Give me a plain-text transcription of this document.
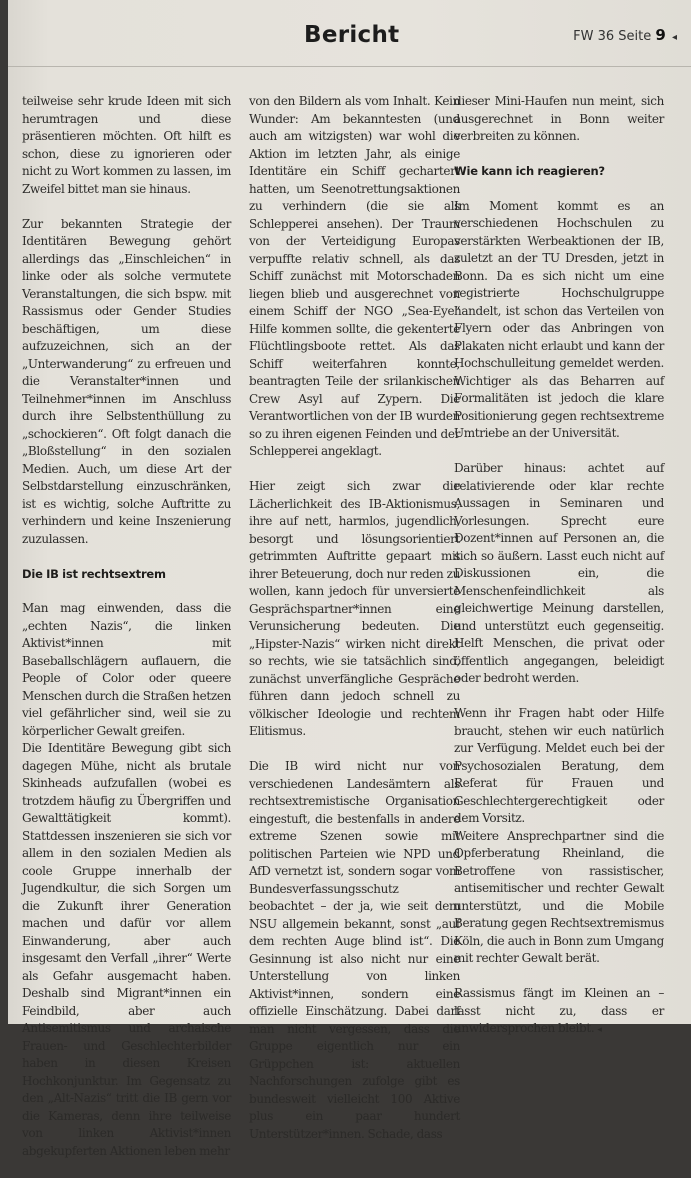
Bericht	FW 36 Seite 9 ◂

teilweise sehr krude Ideen mit sich herumtragen und diese präsentieren möchten. Oft hilft es schon, diese zu ignorieren oder nicht zu Wort kommen zu lassen, im Zweifel bittet man sie hinaus.

Zur bekannten Strategie der Identitären Bewegung gehört allerdings das „Einschleichen“ in linke oder als solche vermutete Veranstaltungen, die sich bspw. mit Rassismus oder Gender Studies beschäftigen, um diese aufzuzeichnen, sich an der „Unterwanderung“ zu erfreuen und die Veranstalter*innen und Teilnehmer*innen im Anschluss durch ihre Selbstenthüllung zu „schockieren“. Oft folgt danach die „Bloßstellung“ in den sozialen Medien. Auch, um diese Art der Selbstdarstellung einzuschränken, ist es wichtig, solche Auftritte zu verhindern und keine Inszenierung zuzulassen.

Die IB ist rechtsextrem

Man mag einwenden, dass die „echten Nazis“, die linken Aktivist*innen mit Baseballschlägern auflauern, die People of Color oder queere Menschen durch die Straßen hetzen viel gefährlicher sind, weil sie zu körperlicher Gewalt greifen.

Die Identitäre Bewegung gibt sich dagegen Mühe, nicht als brutale Skinheads aufzufallen (wobei es trotzdem häufig zu Übergriffen und Gewalttätigkeit kommt). Stattdessen inszenieren sie sich vor allem in den sozialen Medien als coole Gruppe innerhalb der Jugendkultur, die sich Sorgen um die Zukunft ihrer Generation machen und dafür vor allem Einwanderung, aber auch insgesamt den Verfall „ihrer“ Werte als Gefahr ausgemacht haben. Deshalb sind Migrant*innen ein Feindbild, aber auch Antisemitismus und archaische Frauen- und Geschlechterbilder haben in diesen Kreisen Hochkonjunktur. Im Gegensatz zu den „Alt-Nazis“ tritt die IB gern vor die Kameras, denn ihre teilweise von linken Aktivist*innen abgekupferten Aktionen leben mehr

von den Bildern als vom Inhalt. Kein Wunder: Am bekanntesten (und auch am witzigsten) war wohl die Aktion im letzten Jahr, als einige Identitäre ein Schiff gechartert hatten, um Seenotrettungsaktionen zu verhindern (die sie als Schlepperei ansehen). Der Traum von der Verteidigung Europas verpuffte relativ schnell, als das Schiff zunächst mit Motorschaden liegen blieb und ausgerechnet von einem Schiff der NGO „Sea-Eye“ Hilfe kommen sollte, die gekenterte Flüchtlingsboote rettet. Als das Schiff weiterfahren konnte, beantragten Teile der srilankischen Crew Asyl auf Zypern. Die Verantwortlichen von der IB wurden so zu ihren eigenen Feinden und der Schlepperei angeklagt.

Hier zeigt sich zwar die Lächerlichkeit des IB-Aktionismus, ihre auf nett, harmlos, jugendlich, besorgt und lösungsorientiert getrimmten Auftritte gepaart mit ihrer Beteuerung, doch nur reden zu wollen, kann jedoch für unversierte Gesprächspartner*innen eine Verunsicherung bedeuten. Die „Hipster-Nazis“ wirken nicht direkt so rechts, wie sie tatsächlich sind, zunächst unverfängliche Gespräche führen dann jedoch schnell zu völkischer Ideologie und rechtem Elitismus.

Die IB wird nicht nur von verschiedenen Landesämtern als rechtsextremistische Organisation eingestuft, die bestenfalls in andere extreme Szenen sowie mit politischen Parteien wie NPD und AfD vernetzt ist, sondern sogar vom Bundesverfassungsschutz beobachtet – der ja, wie seit dem NSU allgemein bekannt, sonst „auf dem rechten Auge blind ist“. Die Gesinnung ist also nicht nur eine Unterstellung von linken Aktivist*innen, sondern eine offizielle Einschätzung. Dabei darf man nicht vergessen, dass die Gruppe eigentlich nur ein Grüppchen ist: aktuellen Nachforschungen zufolge gibt es bundesweit vielleicht 100 Aktive plus ein paar hundert Unterstützer*innen. Schade, dass

dieser Mini-Haufen nun meint, sich ausgerechnet in Bonn weiter verbreiten zu können.

Wie kann ich reagieren?

Im Moment kommt es an verschiedenen Hochschulen zu verstärkten Werbeaktionen der IB, zuletzt an der TU Dresden, jetzt in Bonn. Da es sich nicht um eine registrierte Hochschulgruppe handelt, ist schon das Verteilen von Flyern oder das Anbringen von Plakaten nicht erlaubt und kann der Hochschulleitung gemeldet werden. Wichtiger als das Beharren auf Formalitäten ist jedoch die klare Positionierung gegen rechtsextreme Umtriebe an der Universität.

Darüber hinaus: achtet auf relativierende oder klar rechte Aussagen in Seminaren und Vorlesungen. Sprecht eure Dozent*innen auf Personen an, die sich so äußern. Lasst euch nicht auf Diskussionen ein, die Menschenfeindlichkeit als gleichwertige Meinung darstellen, und unterstützt euch gegenseitig. Helft Menschen, die privat oder öffentlich angegangen, beleidigt oder bedroht werden.

Wenn ihr Fragen habt oder Hilfe braucht, stehen wir euch natürlich zur Verfügung. Meldet euch bei der Psychosozialen Beratung, dem Referat für Frauen und Geschlechtergerechtigkeit oder dem Vorsitz.

Weitere Ansprechpartner sind die Opferberatung Rheinland, die Betroffene von rassistischer, antisemitischer und rechter Gewalt unterstützt, und die Mobile Beratung gegen Rechtsextremismus Köln, die auch in Bonn zum Umgang mit rechter Gewalt berät.

Rassismus fängt im Kleinen an – lasst nicht zu, dass er unwidersprochen bleibt. ◂
